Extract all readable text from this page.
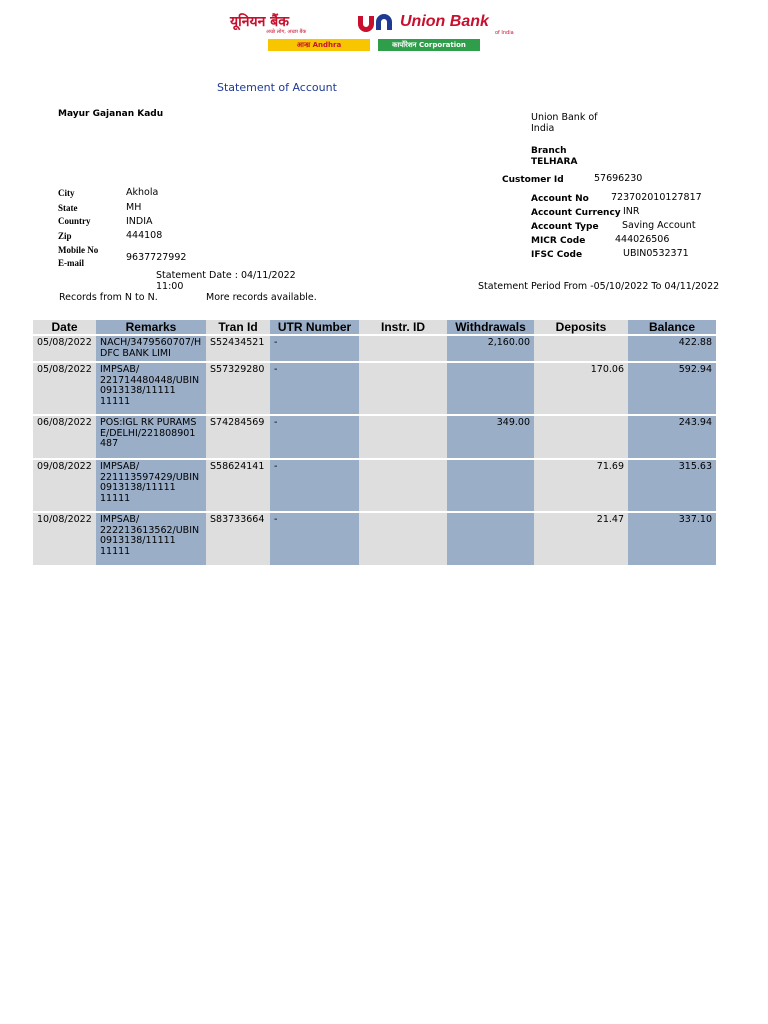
यूनियन बैंक
अच्छे लोग, अच्छा बैंक
Union Bank
of India
आन्ध्र Andhra	कार्पोरेशन Corporation
Statement of Account
Mayur Gajanan Kadu
City	Akhola
State	MH
Country	INDIA
Zip	444108
Mobile No
E-mail	9637727992
Union Bank of
India
Branch
TELHARA
Customer Id	57696230
Account No 723702010127817
Account Currency INR
Account Type Saving Account
MICR Code	444026506
IFSC Code	UBIN0532371
Statement Date : 04/11/2022
11:00
Records from N to N.	More records available.
Statement Period From -05/10/2022 To 04/11/2022
Date	Remarks	Tran Id	UTR Number	Instr. ID	Withdrawals	Deposits	Balance
05/08/2022	NACH/3479560707/HDFC BANK LIMI	S52434521	-		2,160.00		422.88
05/08/2022	IMPSAB/
221714480448/UBIN0913138/11111
11111	S57329280	-			170.06	592.94
06/08/2022	POS:IGL RK PURAMSE/DELHI/221808901
487	S74284569	-		349.00		243.94
09/08/2022	IMPSAB/
221113597429/UBIN0913138/11111
11111	S58624141	-			71.69	315.63
10/08/2022	IMPSAB/
222213613562/UBIN0913138/11111
11111	S83733664	-			21.47	337.10
